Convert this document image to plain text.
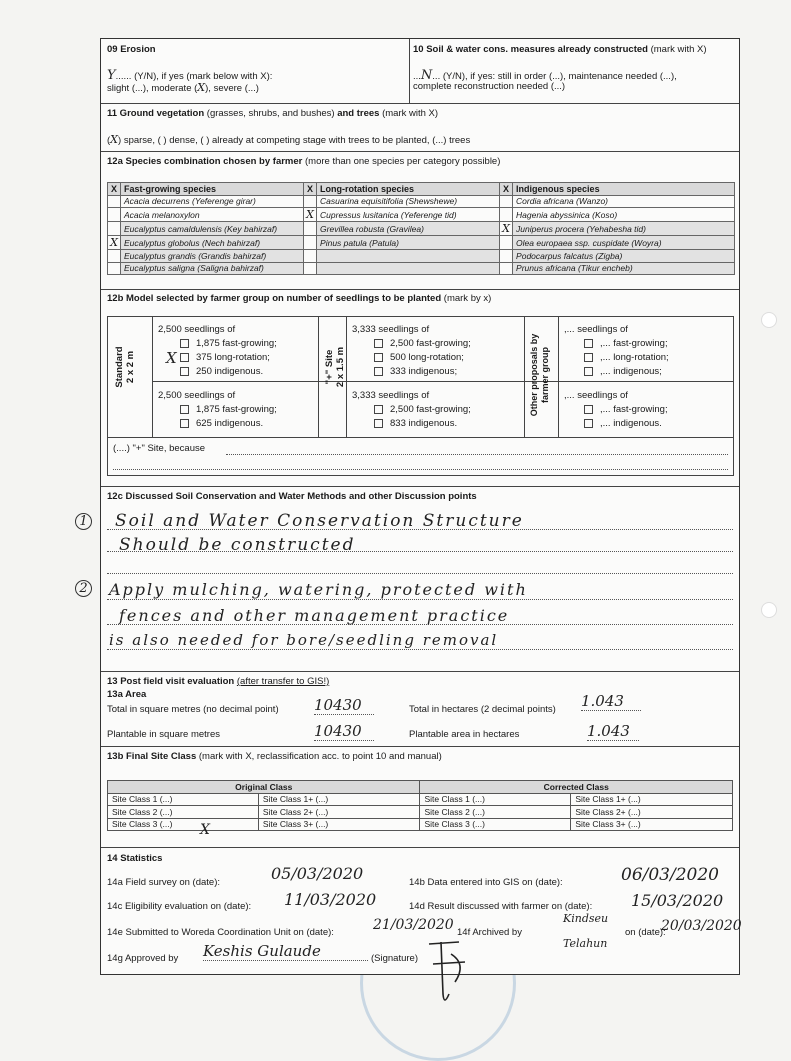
09 Erosion
Y...... (Y/N), if yes (mark below with X):
slight (...), moderate (X), severe (...)
10 Soil & water cons. measures already constructed (mark with X)
...N... (Y/N), if yes: still in order (...), maintenance needed (...),
complete reconstruction needed (...)
11 Ground vegetation (grasses, shrubs, and bushes) and trees (mark with X)
(X) sparse, ( ) dense, ( ) already at competing stage with trees to be planted, (...) trees
12a Species combination chosen by farmer (more than one species per category possible)
X	Fast-growing species	X	Long-rotation species	X	Indigenous species
	Acacia decurrens (Yeferenge girar)		Casuarina equisitifolia (Shewshewe)		Cordia africana (Wanzo)
	Acacia melanoxylon	X	Cupressus lusitanica (Yeferenge tid)		Hagenia abyssinica (Koso)
	Eucalyptus camaldulensis (Key bahirzaf)		Grevillea robusta (Gravilea)	X	Juniperus procera (Yehabesha tid)
X	Eucalyptus globolus (Nech bahirzaf)		Pinus patula (Patula)		Olea europaea ssp. cuspidate (Woyra)
	Eucalyptus grandis (Grandis bahirzaf)				Podocarpus falcatus (Zigba)
	Eucalyptus saligna (Saligna bahirzaf)				Prunus africana (Tikur encheb)
12b Model selected by farmer group on number of seedlings to be planted (mark by x)
Standard 2 x 2 m	"+" Site 2 x 1.5 m	Other proposals by farmer group
2,500 seedlings of
1,875 fast-growing;
X 375 long-rotation;
250 indigenous.
2,500 seedlings of
1,875 fast-growing;
625 indigenous.
3,333 seedlings of
2,500 fast-growing;
500 long-rotation;
333 indigenous;
3,333 seedlings of
2,500 fast-growing;
833 indigenous.
,... seedlings of
,... fast-growing;
,... long-rotation;
,... indigenous;
,... seedlings of
,... fast-growing;
,... indigenous.
(....) "+" Site, because
12c Discussed Soil Conservation and Water Methods and other Discussion points
1
2
Soil and Water Conservation Structure
Should be constructed
Apply mulching, watering, protected with
fences and other management practice
is also needed for bore/seedling removal
13 Post field visit evaluation (after transfer to GIS!)
13a Area
Total in square metres (no decimal point) 10430	Total in hectares (2 decimal points) 1.043
Plantable in square metres	10430	Plantable area in hectares	1.043
13b Final Site Class (mark with X, reclassification acc. to point 10 and manual)
Original Class		Corrected Class	
Site Class 1 (...)	Site Class 1+ (...)	Site Class 1 (...)	Site Class 1+ (...)
Site Class 2 (...)	Site Class 2+ (...)	Site Class 2 (...)	Site Class 2+ (...)
Site Class 3 (...)	Site Class 3+ (...)	Site Class 3 (...)	Site Class 3+ (...)
X
14 Statistics
14a Field survey on (date):	05/03/2020	14b Data entered into GIS on (date):	06/03/2020
14c Eligibility evaluation on (date): 11/03/2020	14d Result discussed with farmer on (date): 15/03/2020
14e Submitted to Woreda Coordination Unit on (date):	21/03/2020 14f Archived by
Kindseu
Telahun
on (date):
20/03/2020
14g Approved by Keshis Gulaude	(Signature)
